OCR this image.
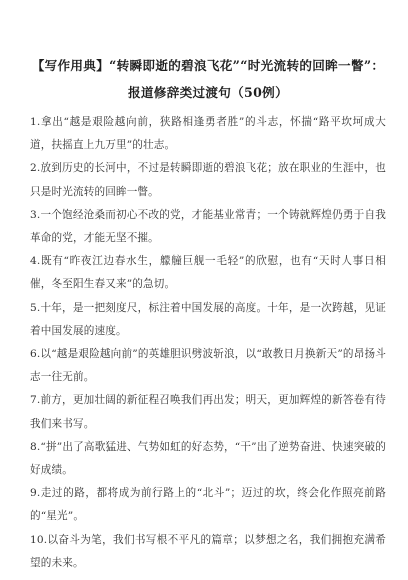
【写作用典】“转瞬即逝的碧浪飞花”“时光流转的回眸一瞥”：报道修辞类过渡句（50例）

1.拿出“越是艰险越向前，狭路相逢勇者胜”的斗志，怀揣“路平坎坷成大道，扶摇直上九万里”的壮志。

2.放到历史的长河中，不过是转瞬即逝的碧浪飞花；放在职业的生涯中，也只是时光流转的回眸一瞥。

3.一个饱经沧桑而初心不改的党，才能基业常青；一个铸就辉煌仍勇于自我革命的党，才能无坚不摧。

4.既有“昨夜江边春水生，艨艟巨舰一毛轻”的欣慰，也有“天时人事日相催，冬至阳生春又来”的急切。

5.十年，是一把刻度尺，标注着中国发展的高度。十年，是一次跨越，见证着中国发展的速度。

6.以“越是艰险越向前”的英雄胆识劈波斩浪，以“敢教日月换新天”的昂扬斗志一往无前。

7.前方，更加壮阔的新征程召唤我们再出发；明天，更加辉煌的新答卷有待我们来书写。

8.“拼”出了高歌猛进、气势如虹的好态势，“干”出了逆势奋进、快速突破的好成绩。

9.走过的路，都将成为前行路上的“北斗”；迈过的坎，终会化作照亮前路的“星光”。

10.以奋斗为笔，我们书写根不平凡的篇章；以梦想之名，我们拥抱充满希望的未来。
